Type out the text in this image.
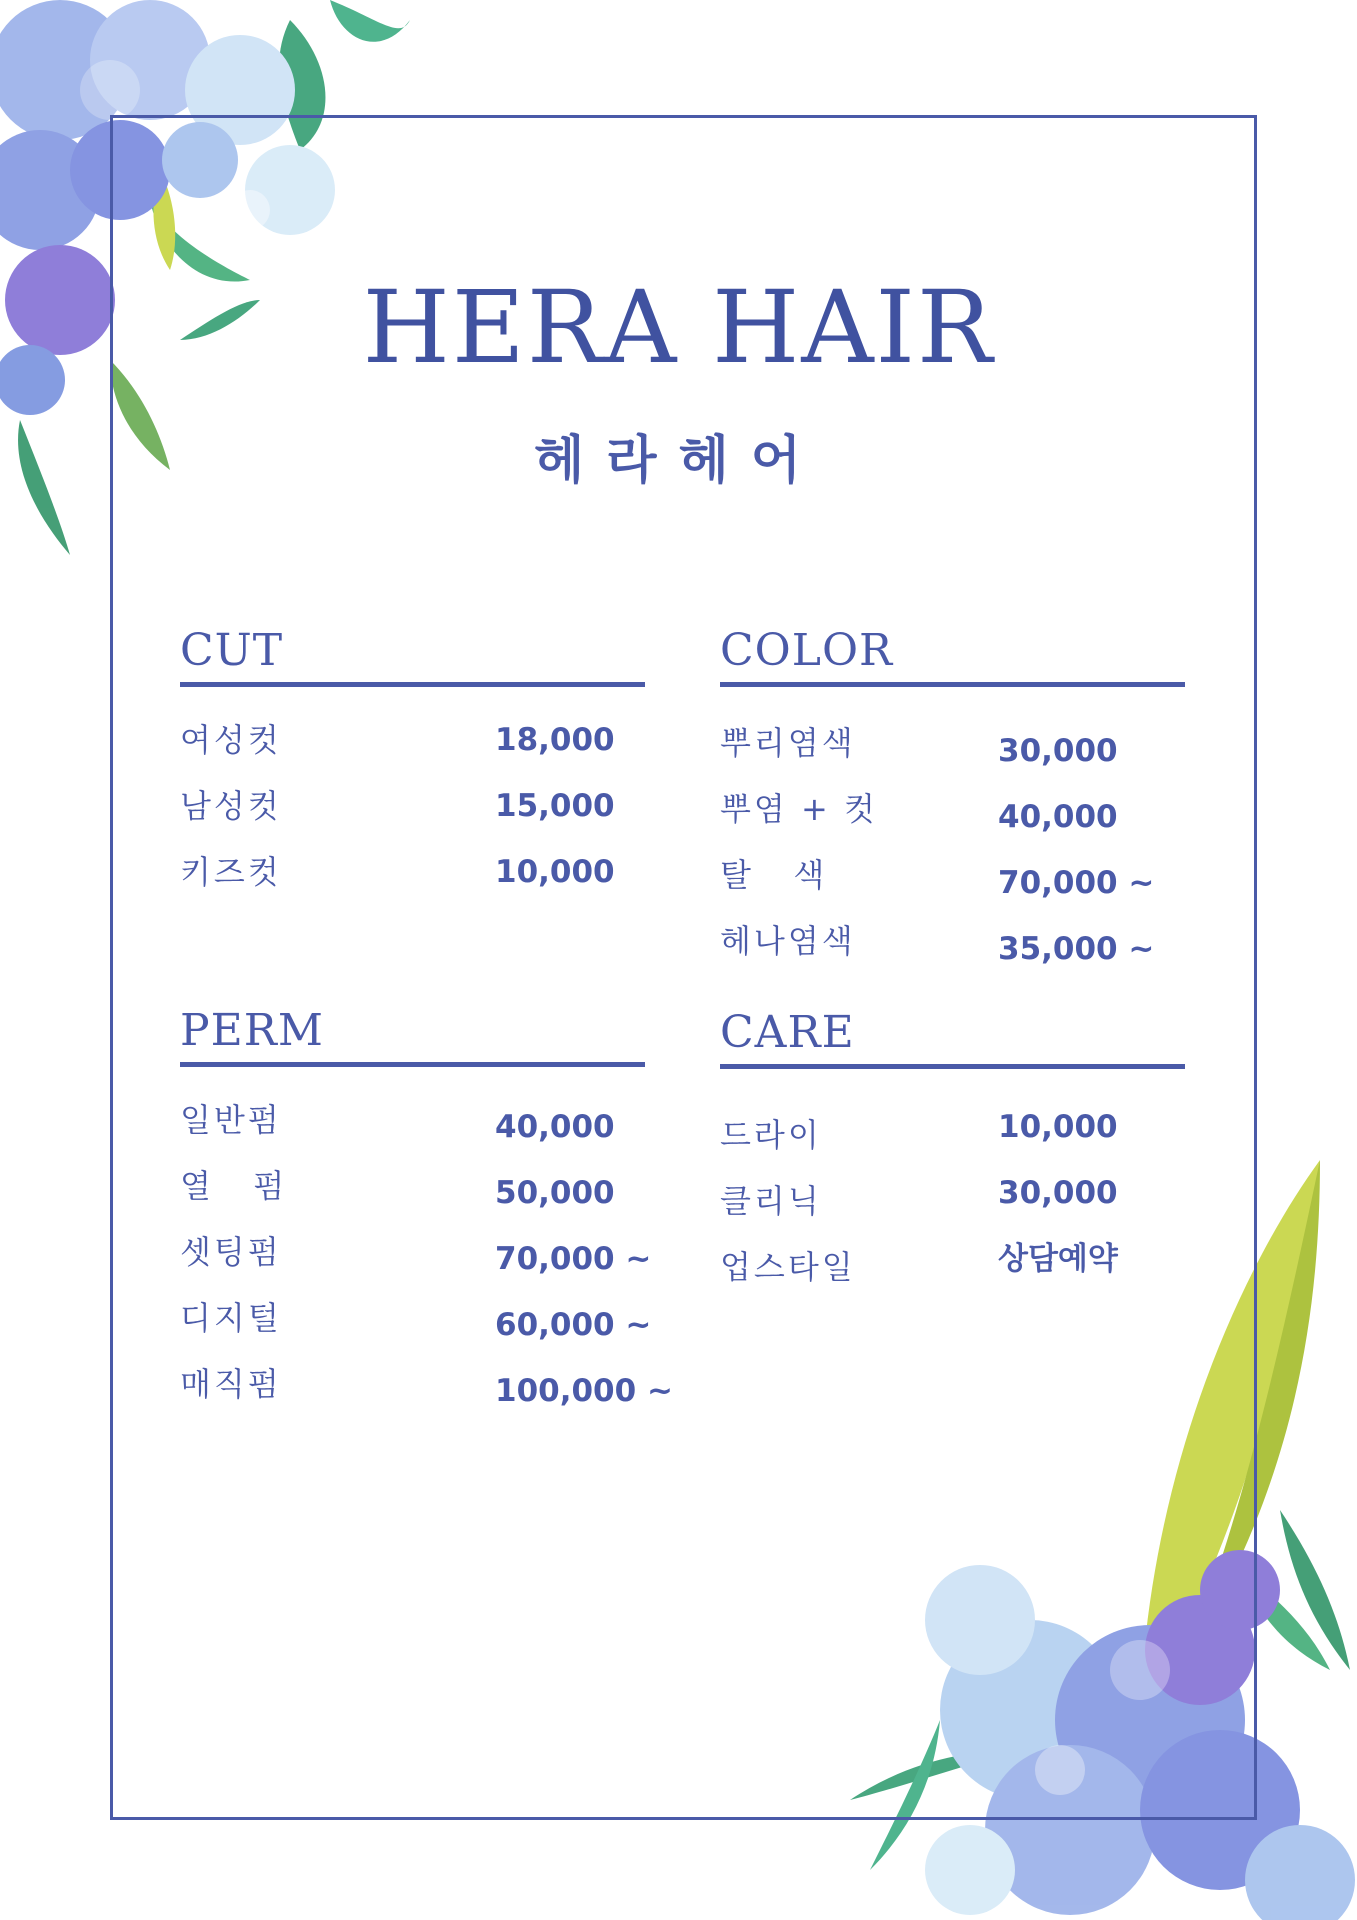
HERA HAIR
헤라헤어
CUT
여성컷	18,000
남성컷	15,000
키즈컷	10,000
COLOR
뿌리염색	30,000
뿌염 + 컷	40,000
탈   색	70,000 ~
헤나염색	35,000 ~
PERM
일반펌	40,000
열   펌	50,000
셋팅펌	70,000 ~
디지털	60,000 ~
매직펌	100,000 ~
CARE
드라이	10,000
클리닉	30,000
업스타일	상담예약
